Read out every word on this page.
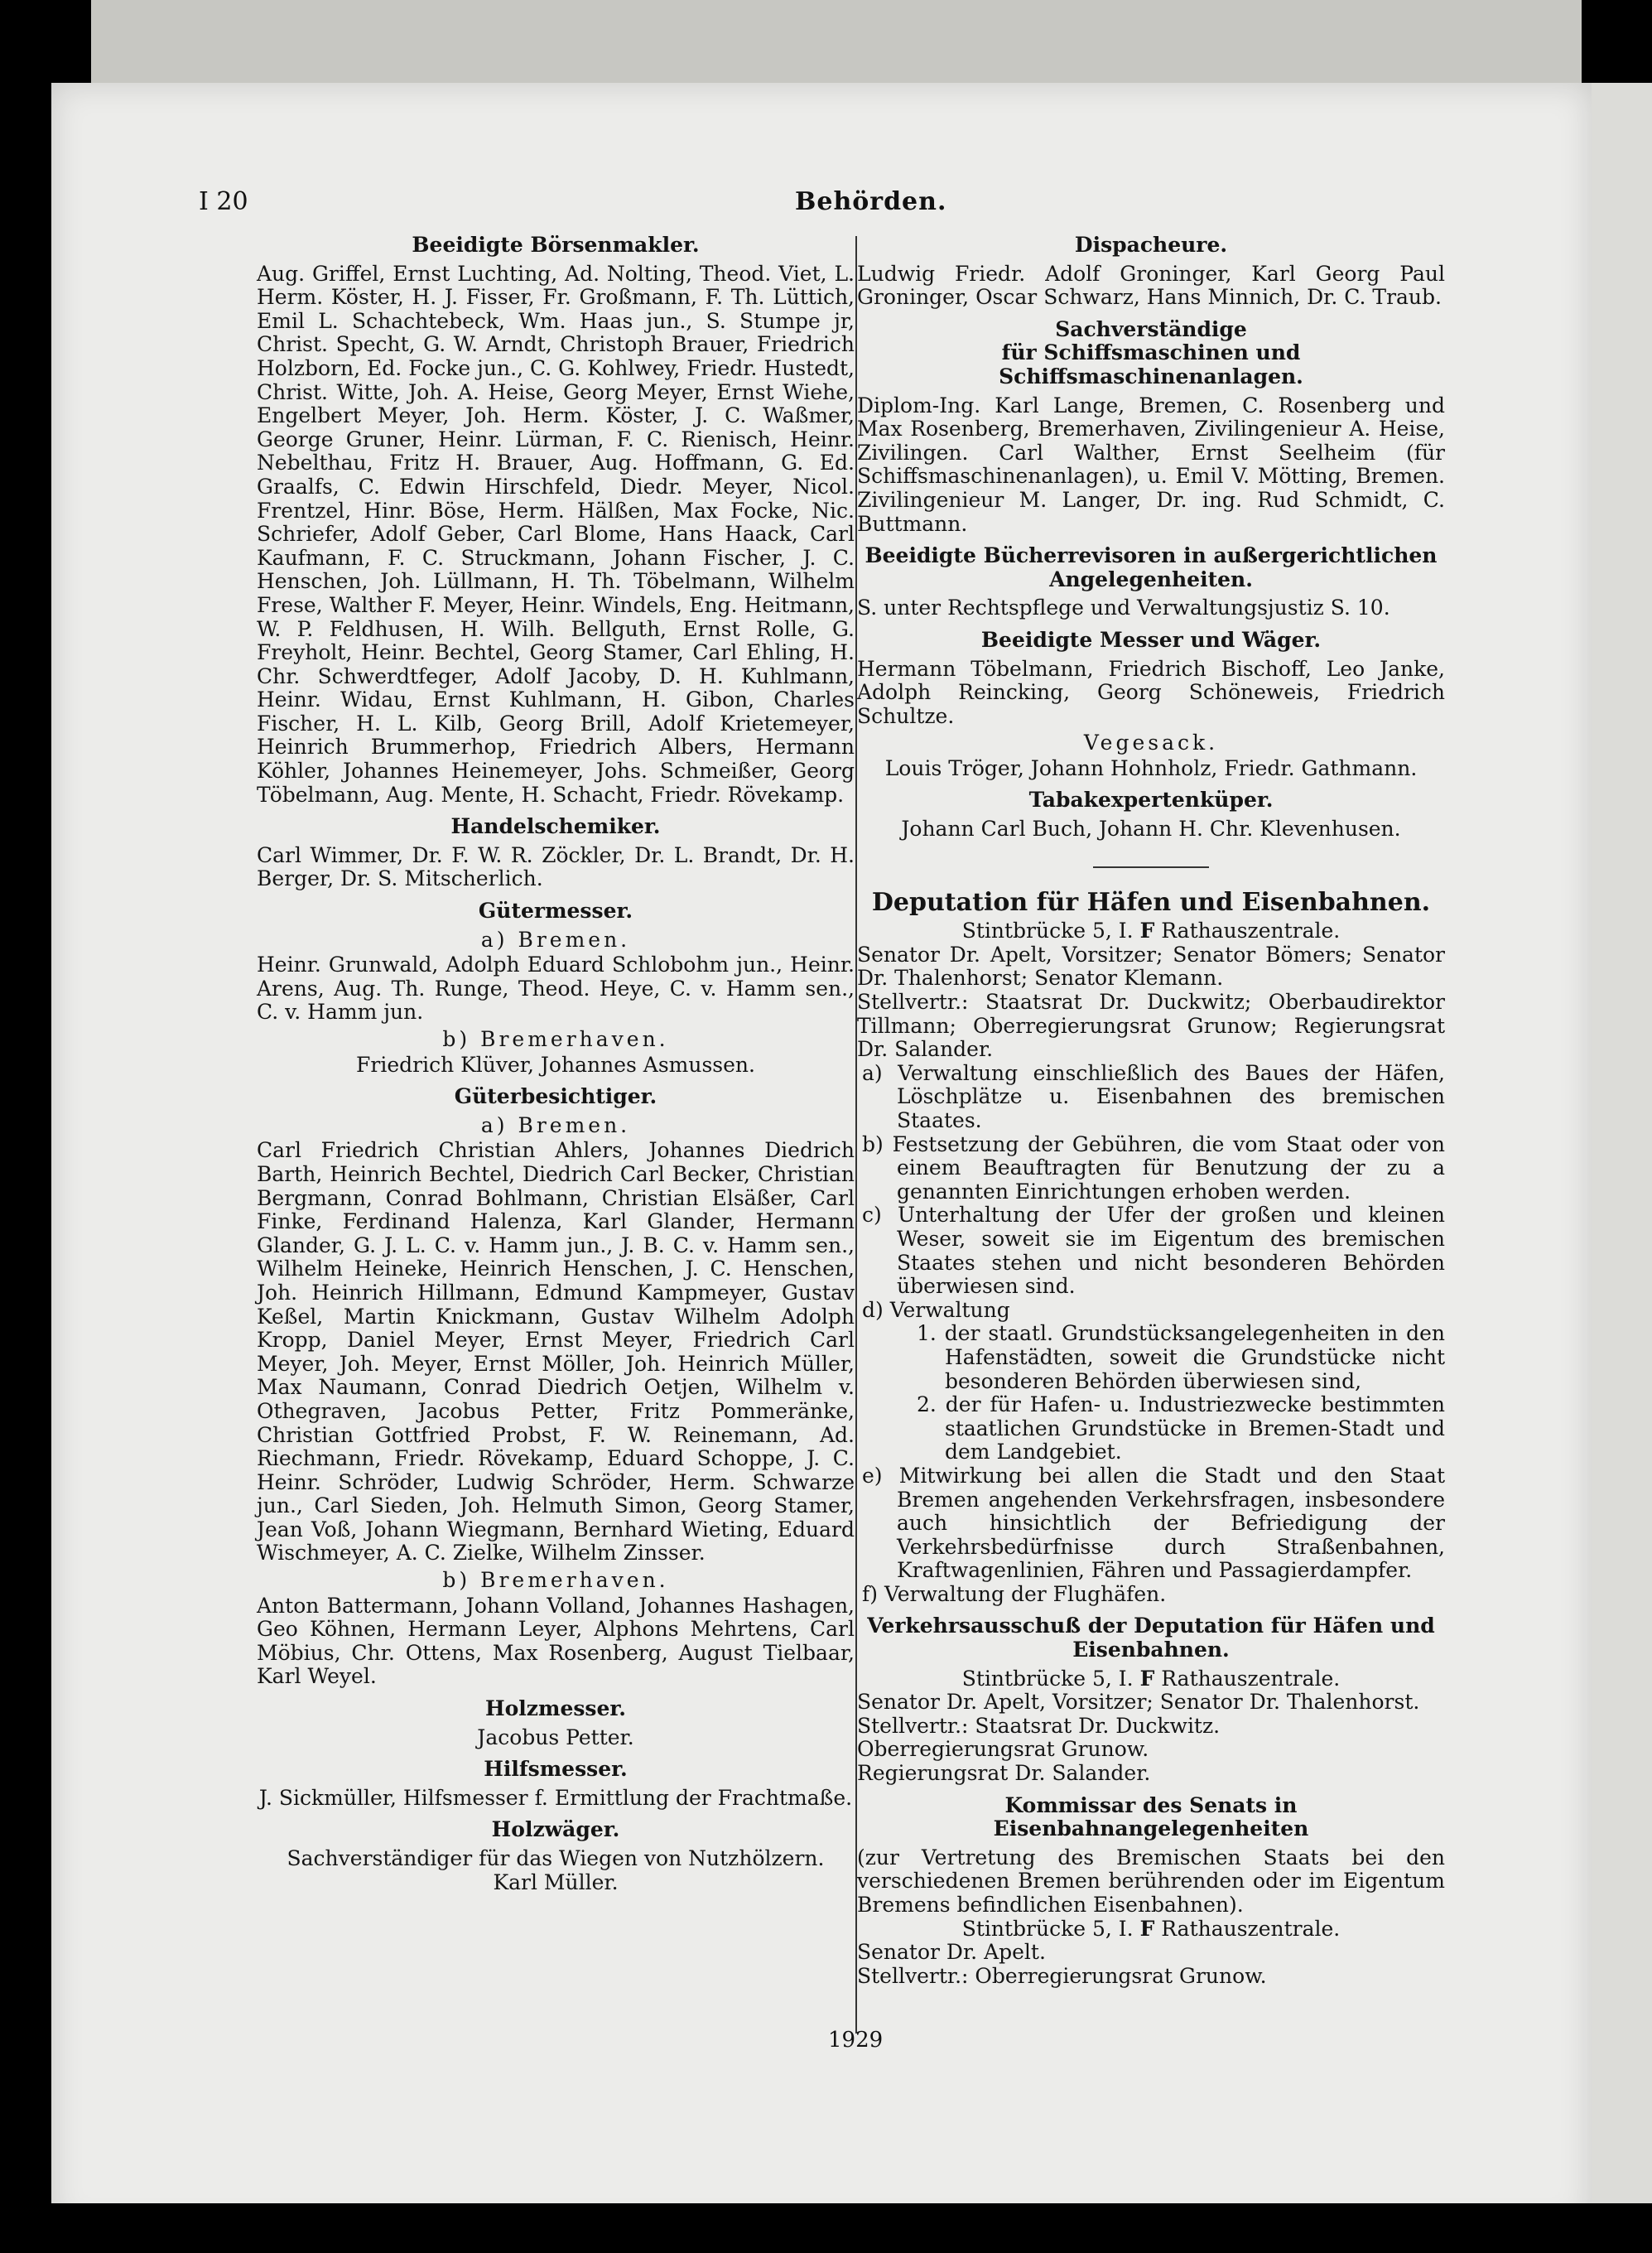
I 20	Behörden.
Beeidigte Börsenmakler.

Aug. Griffel, Ernst Luchting, Ad. Nolting, Theod. Viet, L. Herm. Köster, H. J. Fisser, Fr. Großmann, F. Th. Lüttich, Emil L. Schachtebeck, Wm. Haas jun., S. Stumpe jr, Christ. Specht, G. W. Arndt, Christoph Brauer, Friedrich Holzborn, Ed. Focke jun., C. G. Kohlwey, Friedr. Hustedt, Christ. Witte, Joh. A. Heise, Georg Meyer, Ernst Wiehe, Engelbert Meyer, Joh. Herm. Köster, J. C. Waßmer, George Gruner, Heinr. Lürman, F. C. Rienisch, Heinr. Nebelthau, Fritz H. Brauer, Aug. Hoffmann, G. Ed. Graalfs, C. Edwin Hirschfeld, Diedr. Meyer, Nicol. Frentzel, Hinr. Böse, Herm. Hälßen, Max Focke, Nic. Schriefer, Adolf Geber, Carl Blome, Hans Haack, Carl Kaufmann, F. C. Struckmann, Johann Fischer, J. C. Henschen, Joh. Lüllmann, H. Th. Töbelmann, Wilhelm Frese, Walther F. Meyer, Heinr. Windels, Eng. Heitmann, W. P. Feldhusen, H. Wilh. Bellguth, Ernst Rolle, G. Freyholt, Heinr. Bechtel, Georg Stamer, Carl Ehling, H. Chr. Schwerdtfeger, Adolf Jacoby, D. H. Kuhlmann, Heinr. Widau, Ernst Kuhlmann, H. Gibon, Charles Fischer, H. L. Kilb, Georg Brill, Adolf Krietemeyer, Heinrich Brummerhop, Friedrich Albers, Hermann Köhler, Johannes Heinemeyer, Johs. Schmeißer, Georg Töbelmann, Aug. Mente, H. Schacht, Friedr. Rövekamp.

Handelschemiker.

Carl Wimmer, Dr. F. W. R. Zöckler, Dr. L. Brandt, Dr. H. Berger, Dr. S. Mitscherlich.

Gütermesser.
a) Bremen.

Heinr. Grunwald, Adolph Eduard Schlobohm jun., Heinr. Arens, Aug. Th. Runge, Theod. Heye, C. v. Hamm sen., C. v. Hamm jun.

b) Bremerhaven.

Friedrich Klüver, Johannes Asmussen.

Güterbesichtiger.
a) Bremen.

Carl Friedrich Christian Ahlers, Johannes Diedrich Barth, Heinrich Bechtel, Diedrich Carl Becker, Christian Bergmann, Conrad Bohlmann, Christian Elsäßer, Carl Finke, Ferdinand Halenza, Karl Glander, Hermann Glander, G. J. L. C. v. Hamm jun., J. B. C. v. Hamm sen., Wilhelm Heineke, Heinrich Henschen, J. C. Henschen, Joh. Heinrich Hillmann, Edmund Kampmeyer, Gustav Keßel, Martin Knickmann, Gustav Wilhelm Adolph Kropp, Daniel Meyer, Ernst Meyer, Friedrich Carl Meyer, Joh. Meyer, Ernst Möller, Joh. Heinrich Müller, Max Naumann, Conrad Diedrich Oetjen, Wilhelm v. Othegraven, Jacobus Petter, Fritz Pommeränke, Christian Gottfried Probst, F. W. Reinemann, Ad. Riechmann, Friedr. Rövekamp, Eduard Schoppe, J. C. Heinr. Schröder, Ludwig Schröder, Herm. Schwarze jun., Carl Sieden, Joh. Helmuth Simon, Georg Stamer, Jean Voß, Johann Wiegmann, Bernhard Wieting, Eduard Wischmeyer, A. C. Zielke, Wilhelm Zinsser.

b) Bremerhaven.

Anton Battermann, Johann Volland, Johannes Hashagen, Geo Köhnen, Hermann Leyer, Alphons Mehrtens, Carl Möbius, Chr. Ottens, Max Rosenberg, August Tielbaar, Karl Weyel.

Holzmesser.

Jacobus Petter.

Hilfsmesser.

J. Sickmüller, Hilfsmesser f. Ermittlung der Frachtmaße.

Holzwäger.

Sachverständiger für das Wiegen von Nutzhölzern.

Karl Müller.

Dispacheure.

Ludwig Friedr. Adolf Groninger, Karl Georg Paul Groninger, Oscar Schwarz, Hans Minnich, Dr. C. Traub.

Sachverständige
für Schiffsmaschinen und Schiffsmaschinenanlagen.

Diplom-Ing. Karl Lange, Bremen, C. Rosenberg und Max Rosenberg, Bremerhaven, Zivilingenieur A. Heise, Zivilingen. Carl Walther, Ernst Seelheim (für Schiffsmaschinenanlagen), u. Emil V. Mötting, Bremen. Zivilingenieur M. Langer, Dr. ing. Rud Schmidt, C. Buttmann.

Beeidigte Bücherrevisoren in außergerichtlichen Angelegenheiten.

S. unter Rechtspflege und Verwaltungsjustiz S. 10.

Beeidigte Messer und Wäger.

Hermann Töbelmann, Friedrich Bischoff, Leo Janke, Adolph Reincking, Georg Schöneweis, Friedrich Schultze.

Vegesack.

Louis Tröger, Johann Hohnholz, Friedr. Gathmann.

Tabakexpertenküper.

Johann Carl Buch, Johann H. Chr. Klevenhusen.

Deputation für Häfen und Eisenbahnen.

Stintbrücke 5, I. F Rathauszentrale.

Senator Dr. Apelt, Vorsitzer; Senator Bömers; Senator Dr. Thalenhorst; Senator Klemann.

Stellvertr.: Staatsrat Dr. Duckwitz; Oberbaudirektor Tillmann; Oberregierungsrat Grunow; Regierungsrat Dr. Salander.

a) Verwaltung einschließlich des Baues der Häfen, Löschplätze u. Eisenbahnen des bremischen Staates.

b) Festsetzung der Gebühren, die vom Staat oder von einem Beauftragten für Benutzung der zu a genannten Einrichtungen erhoben werden.

c) Unterhaltung der Ufer der großen und kleinen Weser, soweit sie im Eigentum des bremischen Staates stehen und nicht besonderen Behörden überwiesen sind.

d) Verwaltung

1. der staatl. Grundstücksangelegenheiten in den Hafenstädten, soweit die Grundstücke nicht besonderen Behörden überwiesen sind,

2. der für Hafen- u. Industriezwecke bestimmten staatlichen Grundstücke in Bremen-Stadt und dem Landgebiet.

e) Mitwirkung bei allen die Stadt und den Staat Bremen angehenden Verkehrsfragen, insbesondere auch hinsichtlich der Befriedigung der Verkehrsbedürfnisse durch Straßenbahnen, Kraftwagenlinien, Fähren und Passagierdampfer.

f) Verwaltung der Flughäfen.

Verkehrsausschuß der Deputation für Häfen und Eisenbahnen.

Stintbrücke 5, I. F Rathauszentrale.

Senator Dr. Apelt, Vorsitzer; Senator Dr. Thalenhorst.

Stellvertr.: Staatsrat Dr. Duckwitz.

Oberregierungsrat Grunow.

Regierungsrat Dr. Salander.

Kommissar des Senats in Eisenbahnangelegenheiten

(zur Vertretung des Bremischen Staats bei den verschiedenen Bremen berührenden oder im Eigentum Bremens befindlichen Eisenbahnen).

Stintbrücke 5, I. F Rathauszentrale.

Senator Dr. Apelt.

Stellvertr.: Oberregierungsrat Grunow.

1929
